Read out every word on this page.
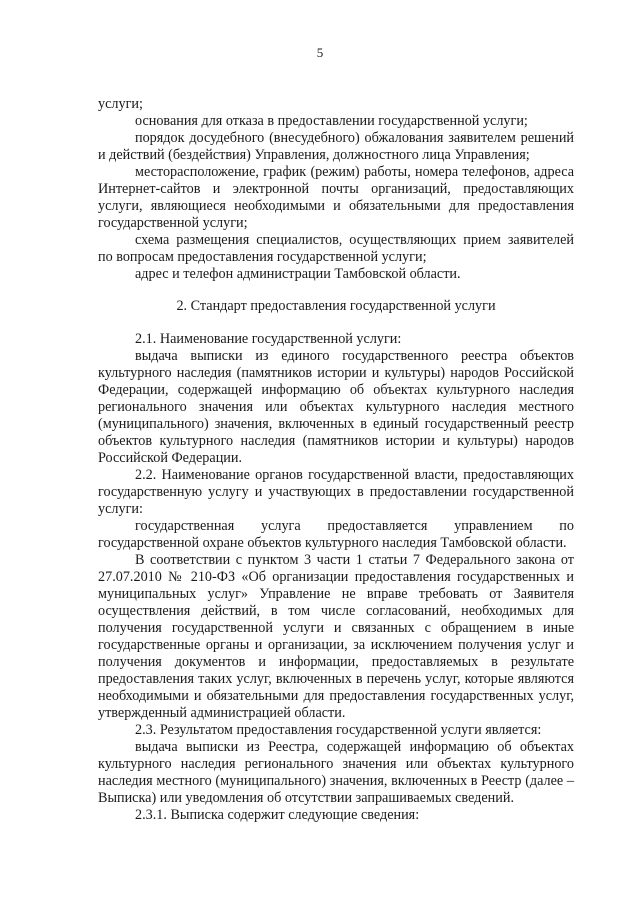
5

услуги;

основания для отказа в предоставлении государственной услуги;

порядок досудебного (внесудебного) обжалования заявителем решений и действий (бездействия) Управления, должностного лица Управления;

месторасположение, график (режим) работы, номера телефонов, адреса Интернет-сайтов и электронной почты организаций, предоставляющих услуги, являющиеся необходимыми и обязательными для предоставления государственной услуги;

схема размещения специалистов, осуществляющих прием заявителей по вопросам предоставления государственной услуги;

адрес и телефон администрации Тамбовской области.

2. Стандарт предоставления государственной услуги

2.1. Наименование государственной услуги:

выдача выписки из единого государственного реестра объектов культурного наследия (памятников истории и культуры) народов Российской Федерации, содержащей информацию об объектах культурного наследия регионального значения или объектах культурного наследия местного (муниципального) значения, включенных в единый государственный реестр объектов культурного наследия (памятников истории и культуры) народов Российской Федерации.

2.2. Наименование органов государственной власти, предоставляющих государственную услугу и участвующих в предоставлении государственной услуги:

государственная услуга предоставляется управлением по государственной охране объектов культурного наследия Тамбовской области.

В соответствии с пунктом 3 части 1 статьи 7 Федерального закона от 27.07.2010 № 210-ФЗ «Об организации предоставления государственных и муниципальных услуг» Управление не вправе требовать от Заявителя осуществления действий, в том числе согласований, необходимых для получения государственной услуги и связанных с обращением в иные государственные органы и организации, за исключением получения услуг и получения документов и информации, предоставляемых в результате предоставления таких услуг, включенных в перечень услуг, которые являются необходимыми и обязательными для предоставления государственных услуг, утвержденный администрацией области.

2.3. Результатом предоставления государственной услуги является:

выдача выписки из Реестра, содержащей информацию об объектах культурного наследия регионального значения или объектах культурного наследия местного (муниципального) значения, включенных в Реестр (далее – Выписка) или уведомления об отсутствии запрашиваемых сведений.

2.3.1. Выписка содержит следующие сведения:
